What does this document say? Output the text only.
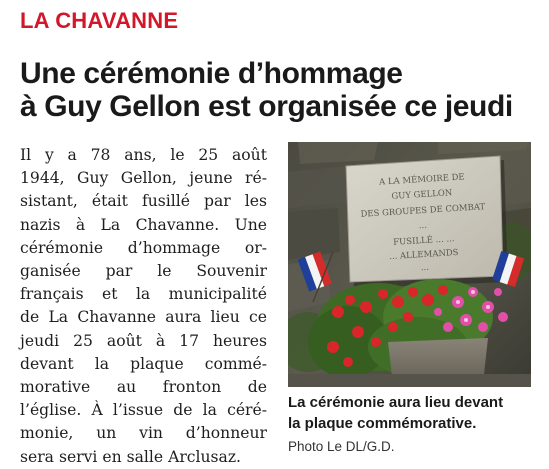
LA CHAVANNE
Une cérémonie d’hommage
à Guy Gellon est organisée ce jeudi
Il y a 78 ans, le 25 août
1944, Guy Gellon, jeune ré-
sistant, était fusillé par les
nazis à La Chavanne. Une
cérémonie d’hommage or-
ganisée par le Souvenir
français et la municipalité
de La Chavanne aura lieu ce
jeudi 25 août à 17 heures
devant la plaque commé-
morative au fronton de
l’église. À l’issue de la céré-
monie, un vin d’honneur
sera servi en salle Arclusaz.
A LA MÉMOIRE DE
GUY GELLON
DES GROUPES DE COMBAT
...
FUSILLÉ ... ...
... ALLEMANDS
...

La cérémonie aura lieu devant
la plaque commémorative.

Photo Le DL/G.D.
